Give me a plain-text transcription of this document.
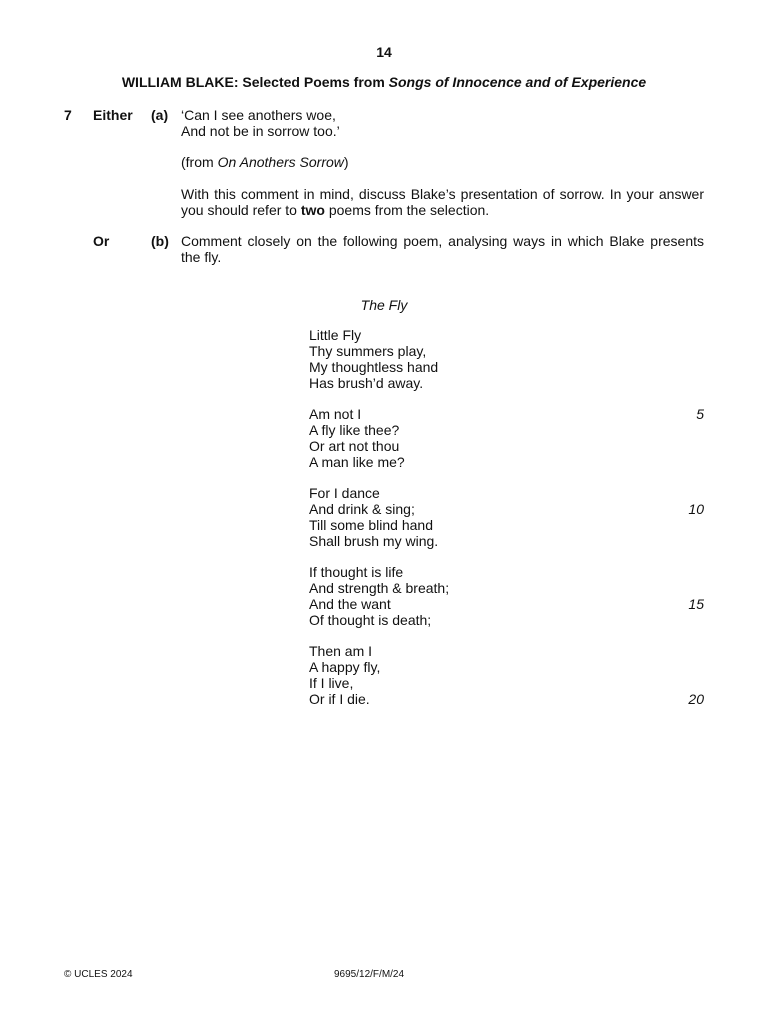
14
WILLIAM BLAKE: Selected Poems from Songs of Innocence and of Experience
7 Either (a) ‘Can I see anothers woe,

And not be in sorrow too.’

(from On Anothers Sorrow)

With this comment in mind, discuss Blake’s presentation of sorrow. In your answer you should refer to two poems from the selection.

Or	(b) Comment closely on the following poem, analysing ways in which Blake presents the fly.

The Fly
Little Fly
Thy summers play,
My thoughtless hand
Has brush’d away.
Am not I	5
A fly like thee?
Or art not thou
A man like me?
For I dance
And drink & sing;	10
Till some blind hand
Shall brush my wing.
If thought is life
And strength & breath;
And the want	15
Of thought is death;
Then am I
A happy fly,
If I live,
Or if I die.	20
© UCLES 2024	9695/12/F/M/24
